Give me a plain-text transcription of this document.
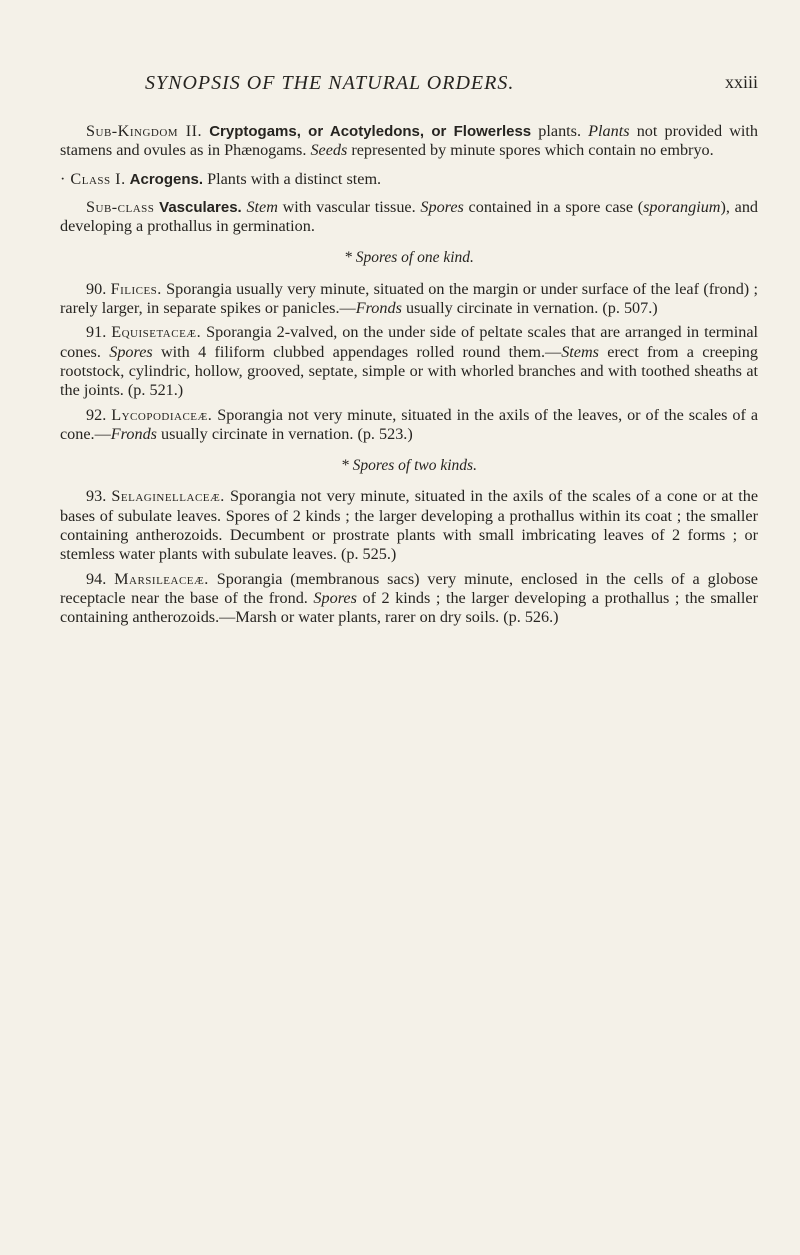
SYNOPSIS OF THE NATURAL ORDERS.	xxiii

Sub-Kingdom II. Cryptogams, or Acotyledons, or Flowerless plants. Plants not provided with stamens and ovules as in Phænogams. Seeds represented by minute spores which contain no embryo.

· Class I. Acrogens. Plants with a distinct stem.

Sub-class Vasculares. Stem with vascular tissue. Spores contained in a spore case (sporangium), and developing a prothallus in germination.

* Spores of one kind.

90. Filices. Sporangia usually very minute, situated on the margin or under surface of the leaf (frond) ; rarely larger, in separate spikes or panicles.—Fronds usually circinate in vernation. (p. 507.)

91. Equisetaceæ. Sporangia 2-valved, on the under side of peltate scales that are arranged in terminal cones. Spores with 4 filiform clubbed appendages rolled round them.—Stems erect from a creeping rootstock, cylindric, hollow, grooved, septate, simple or with whorled branches and with toothed sheaths at the joints. (p. 521.)

92. Lycopodiaceæ. Sporangia not very minute, situated in the axils of the leaves, or of the scales of a cone.—Fronds usually circinate in vernation. (p. 523.)

* Spores of two kinds.

93. Selaginellaceæ. Sporangia not very minute, situated in the axils of the scales of a cone or at the bases of subulate leaves. Spores of 2 kinds ; the larger developing a prothallus within its coat ; the smaller containing antherozoids. Decumbent or prostrate plants with small imbricating leaves of 2 forms ; or stemless water plants with subulate leaves. (p. 525.)

94. Marsileaceæ. Sporangia (membranous sacs) very minute, enclosed in the cells of a globose receptacle near the base of the frond. Spores of 2 kinds ; the larger developing a prothallus ; the smaller containing antherozoids.—Marsh or water plants, rarer on dry soils. (p. 526.)
